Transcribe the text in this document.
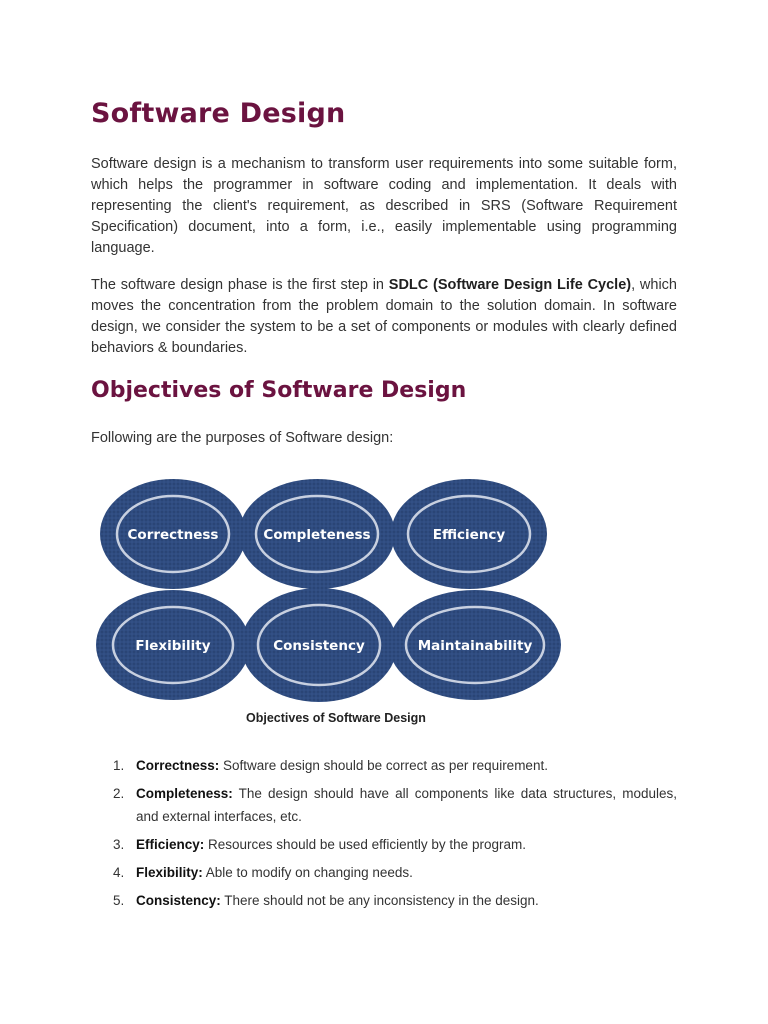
Software Design

Software design is a mechanism to transform user requirements into some suitable form, which helps the programmer in software coding and implementation. It deals with representing the client's requirement, as described in SRS (Software Requirement Specification) document, into a form, i.e., easily implementable using programming language.

The software design phase is the first step in SDLC (Software Design Life Cycle), which moves the concentration from the problem domain to the solution domain. In software design, we consider the system to be a set of components or modules with clearly defined behaviors & boundaries.

Objectives of Software Design

Following are the purposes of Software design:

Correctness	Completeness	Efficiency
Flexibility	Consistency	Maintainability
Objectives of Software Design
1. Correctness: Software design should be correct as per requirement.
2. Completeness: The design should have all components like data structures, modules, and external interfaces, etc.
3. Efficiency: Resources should be used efficiently by the program.
4. Flexibility: Able to modify on changing needs.
5. Consistency: There should not be any inconsistency in the design.
